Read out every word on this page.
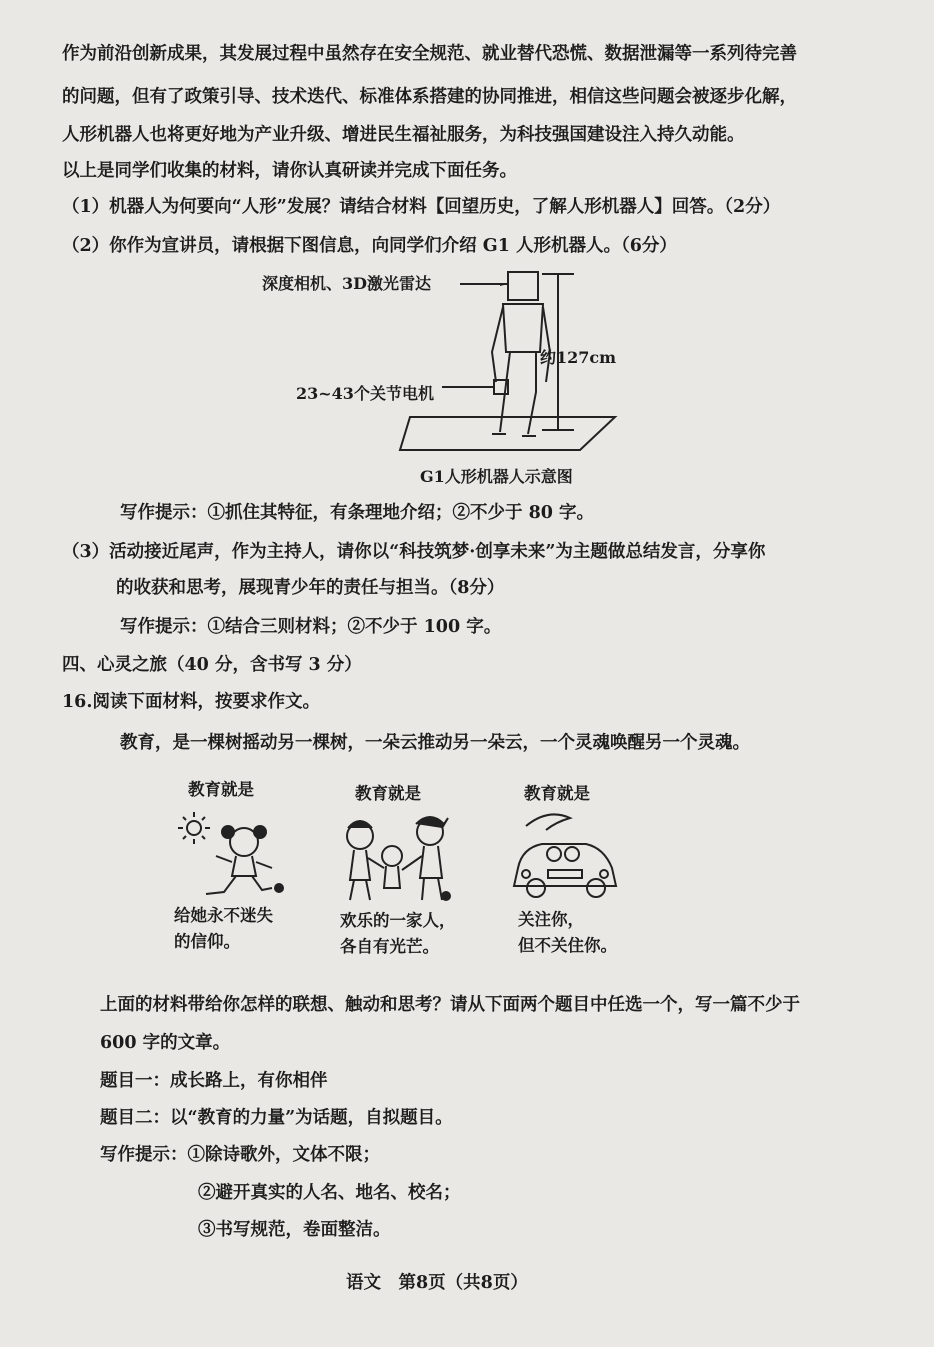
作为前沿创新成果，其发展过程中虽然存在安全规范、就业替代恐慌、数据泄漏等一系列待完善

的问题，但有了政策引导、技术迭代、标准体系搭建的协同推进，相信这些问题会被逐步化解，

人形机器人也将更好地为产业升级、增进民生福祉服务，为科技强国建设注入持久动能。

以上是同学们收集的材料，请你认真研读并完成下面任务。

（1）机器人为何要向“人形”发展？请结合材料【回望历史，了解人形机器人】回答。（2分）

（2）你作为宣讲员，请根据下图信息，向同学们介绍 G1 人形机器人。（6分）

深度相机、3D激光雷达

约127cm

23~43个关节电机

G1人形机器人示意图

写作提示：①抓住其特征，有条理地介绍；②不少于 80 字。

（3）活动接近尾声，作为主持人，请你以“科技筑梦·创享未来”为主题做总结发言，分享你

的收获和思考，展现青少年的责任与担当。（8分）

写作提示：①结合三则材料；②不少于 100 字。

四、心灵之旅（40 分，含书写 3 分）

16.阅读下面材料，按要求作文。

教育，是一棵树摇动另一棵树，一朵云推动另一朵云，一个灵魂唤醒另一个灵魂。

教育就是	教育就是	教育就是

给她永不迷失

的信仰。

欢乐的一家人，

各自有光芒。

关注你，

但不关住你。

上面的材料带给你怎样的联想、触动和思考？请从下面两个题目中任选一个，写一篇不少于

600 字的文章。

题目一：成长路上，有你相伴

题目二：以“教育的力量”为话题，自拟题目。

写作提示：①除诗歌外，文体不限；

②避开真实的人名、地名、校名；

③书写规范，卷面整洁。

语文　第8页（共8页）
